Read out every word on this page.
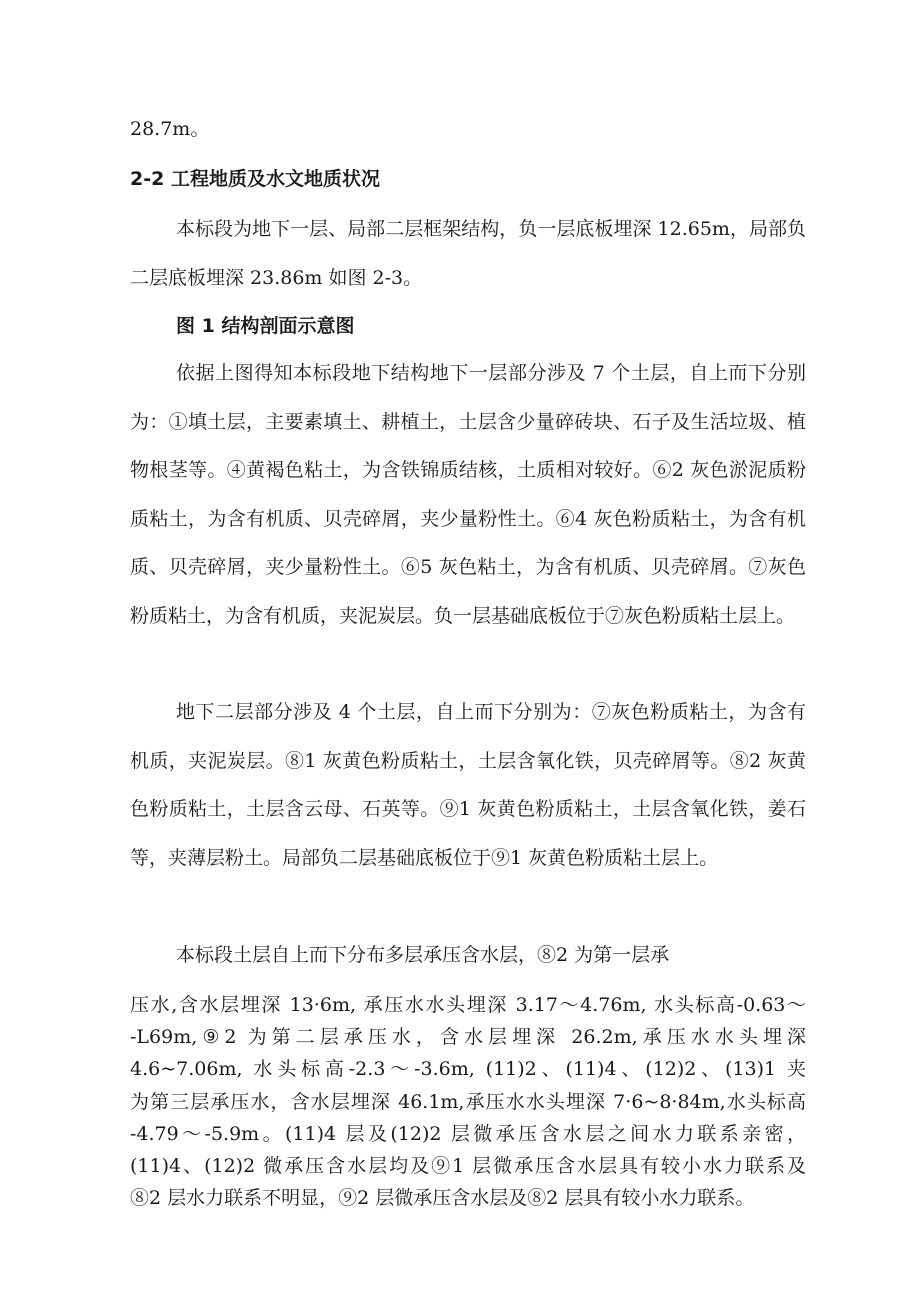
28.7m。

2-2 工程地质及水文地质状况

本标段为地下一层、局部二层框架结构，负一层底板埋深 12.65m，局部负二层底板埋深 23.86m 如图 2-3。

图 1 结构剖面示意图

依据上图得知本标段地下结构地下一层部分涉及 7 个土层，自上而下分别为：①填土层，主要素填土、耕植土，土层含少量碎砖块、石子及生活垃圾、植物根茎等。④黄褐色粘土，为含铁锦质结核，土质相对较好。⑥2 灰色淤泥质粉质粘土，为含有机质、贝壳碎屑，夹少量粉性土。⑥4 灰色粉质粘土，为含有机质、贝壳碎屑，夹少量粉性土。⑥5 灰色粘土，为含有机质、贝壳碎屑。⑦灰色粉质粘土，为含有机质，夹泥炭层。负一层基础底板位于⑦灰色粉质粘土层上。

地下二层部分涉及 4 个土层，自上而下分别为：⑦灰色粉质粘土，为含有机质，夹泥炭层。⑧1 灰黄色粉质粘土，土层含氧化铁，贝壳碎屑等。⑧2 灰黄色粉质粘土，土层含云母、石英等。⑨1 灰黄色粉质粘土，土层含氧化铁，姜石等，夹薄层粉土。局部负二层基础底板位于⑨1 灰黄色粉质粘土层上。

本标段土层自上而下分布多层承压含水层，⑧2 为第一层承

压水,含水层埋深 13·6m, 承压水水头埋深 3.17～4.76m, 水头标高-0.63～
-L69m,⑨2 为第二层承压水，含水层埋深 26.2m,承压水水头埋深
4.6~7.06m, 水头标高-2.3～-3.6m, (11)2、(11)4、(12)2、(13)1 夹
为第三层承压水，含水层埋深 46.1m,承压水水头埋深 7·6~8·84m,水头标高
-4.79～-5.9m。(11)4 层及(12)2 层微承压含水层之间水力联系亲密，
(11)4、(12)2 微承压含水层均及⑨1 层微承压含水层具有较小水力联系及
⑧2 层水力联系不明显，⑨2 层微承压含水层及⑧2 层具有较小水力联系。
